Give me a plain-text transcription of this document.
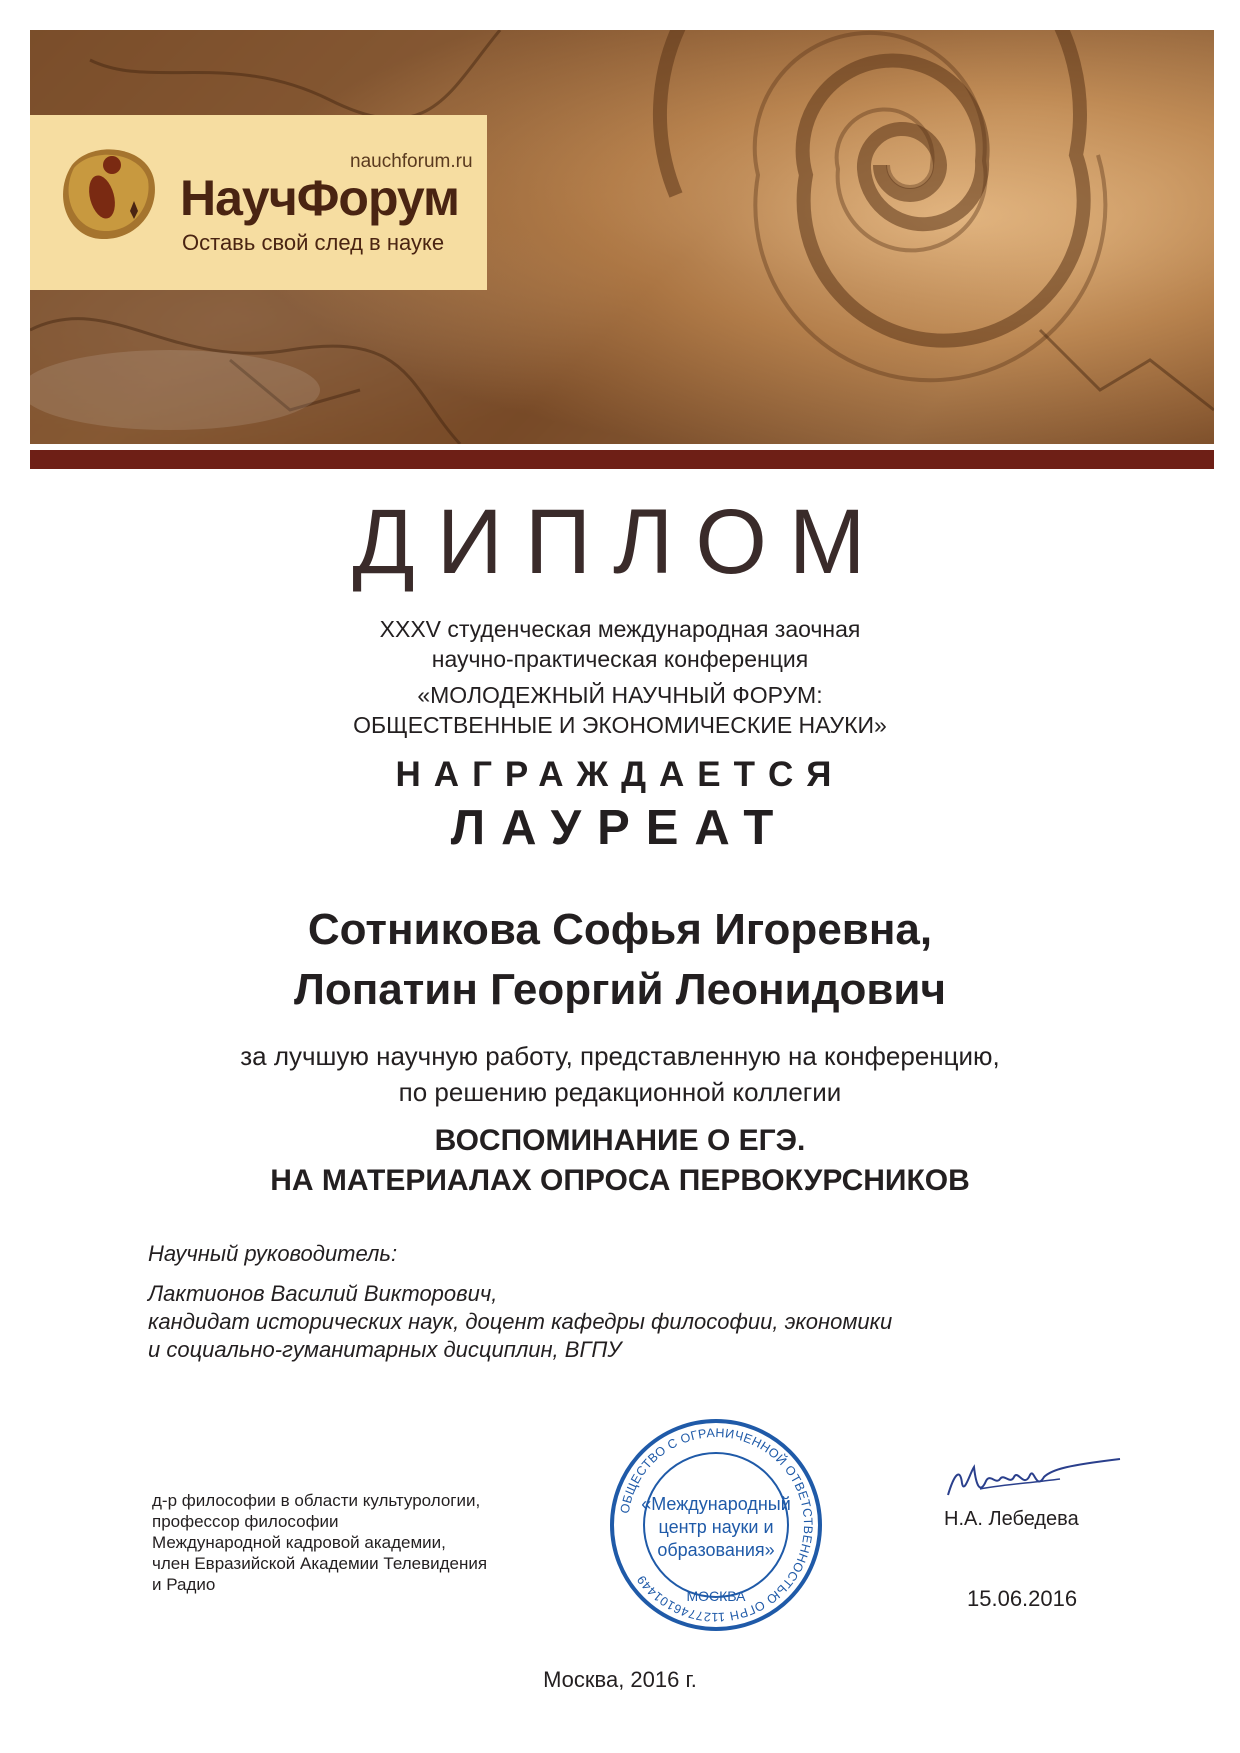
nauchforum.ru
НаучФорум
Оставь свой след в науке
ДИПЛОМ
XXXV студенческая международная заочная
научно-практическая конференция
«МОЛОДЕЖНЫЙ НАУЧНЫЙ ФОРУМ:
ОБЩЕСТВЕННЫЕ И ЭКОНОМИЧЕСКИЕ НАУКИ»
НАГРАЖДАЕТСЯ
ЛАУРЕАТ
Сотникова Софья Игоревна,
Лопатин Георгий Леонидович
за лучшую научную работу, представленную на конференцию,
по решению редакционной коллегии
ВОСПОМИНАНИЕ О ЕГЭ.
НА МАТЕРИАЛАХ ОПРОСА ПЕРВОКУРСНИКОВ
Научный руководитель:
Лактионов Василий Викторович,
кандидат исторических наук, доцент кафедры философии, экономики
и социально-гуманитарных дисциплин, ВГПУ
д-р философии в области культурологии,
профессор философии
Международной кадровой академии,
член Евразийской Академии Телевидения
и Радио
ОБЩЕСТВО С ОГРАНИЧЕННОЙ ОТВЕТСТВЕННОСТЬЮ ОГРН 1127746101449
МОСКВА
«Международный
центр науки и
образования»
Н.А. Лебедева
15.06.2016
Москва, 2016 г.
